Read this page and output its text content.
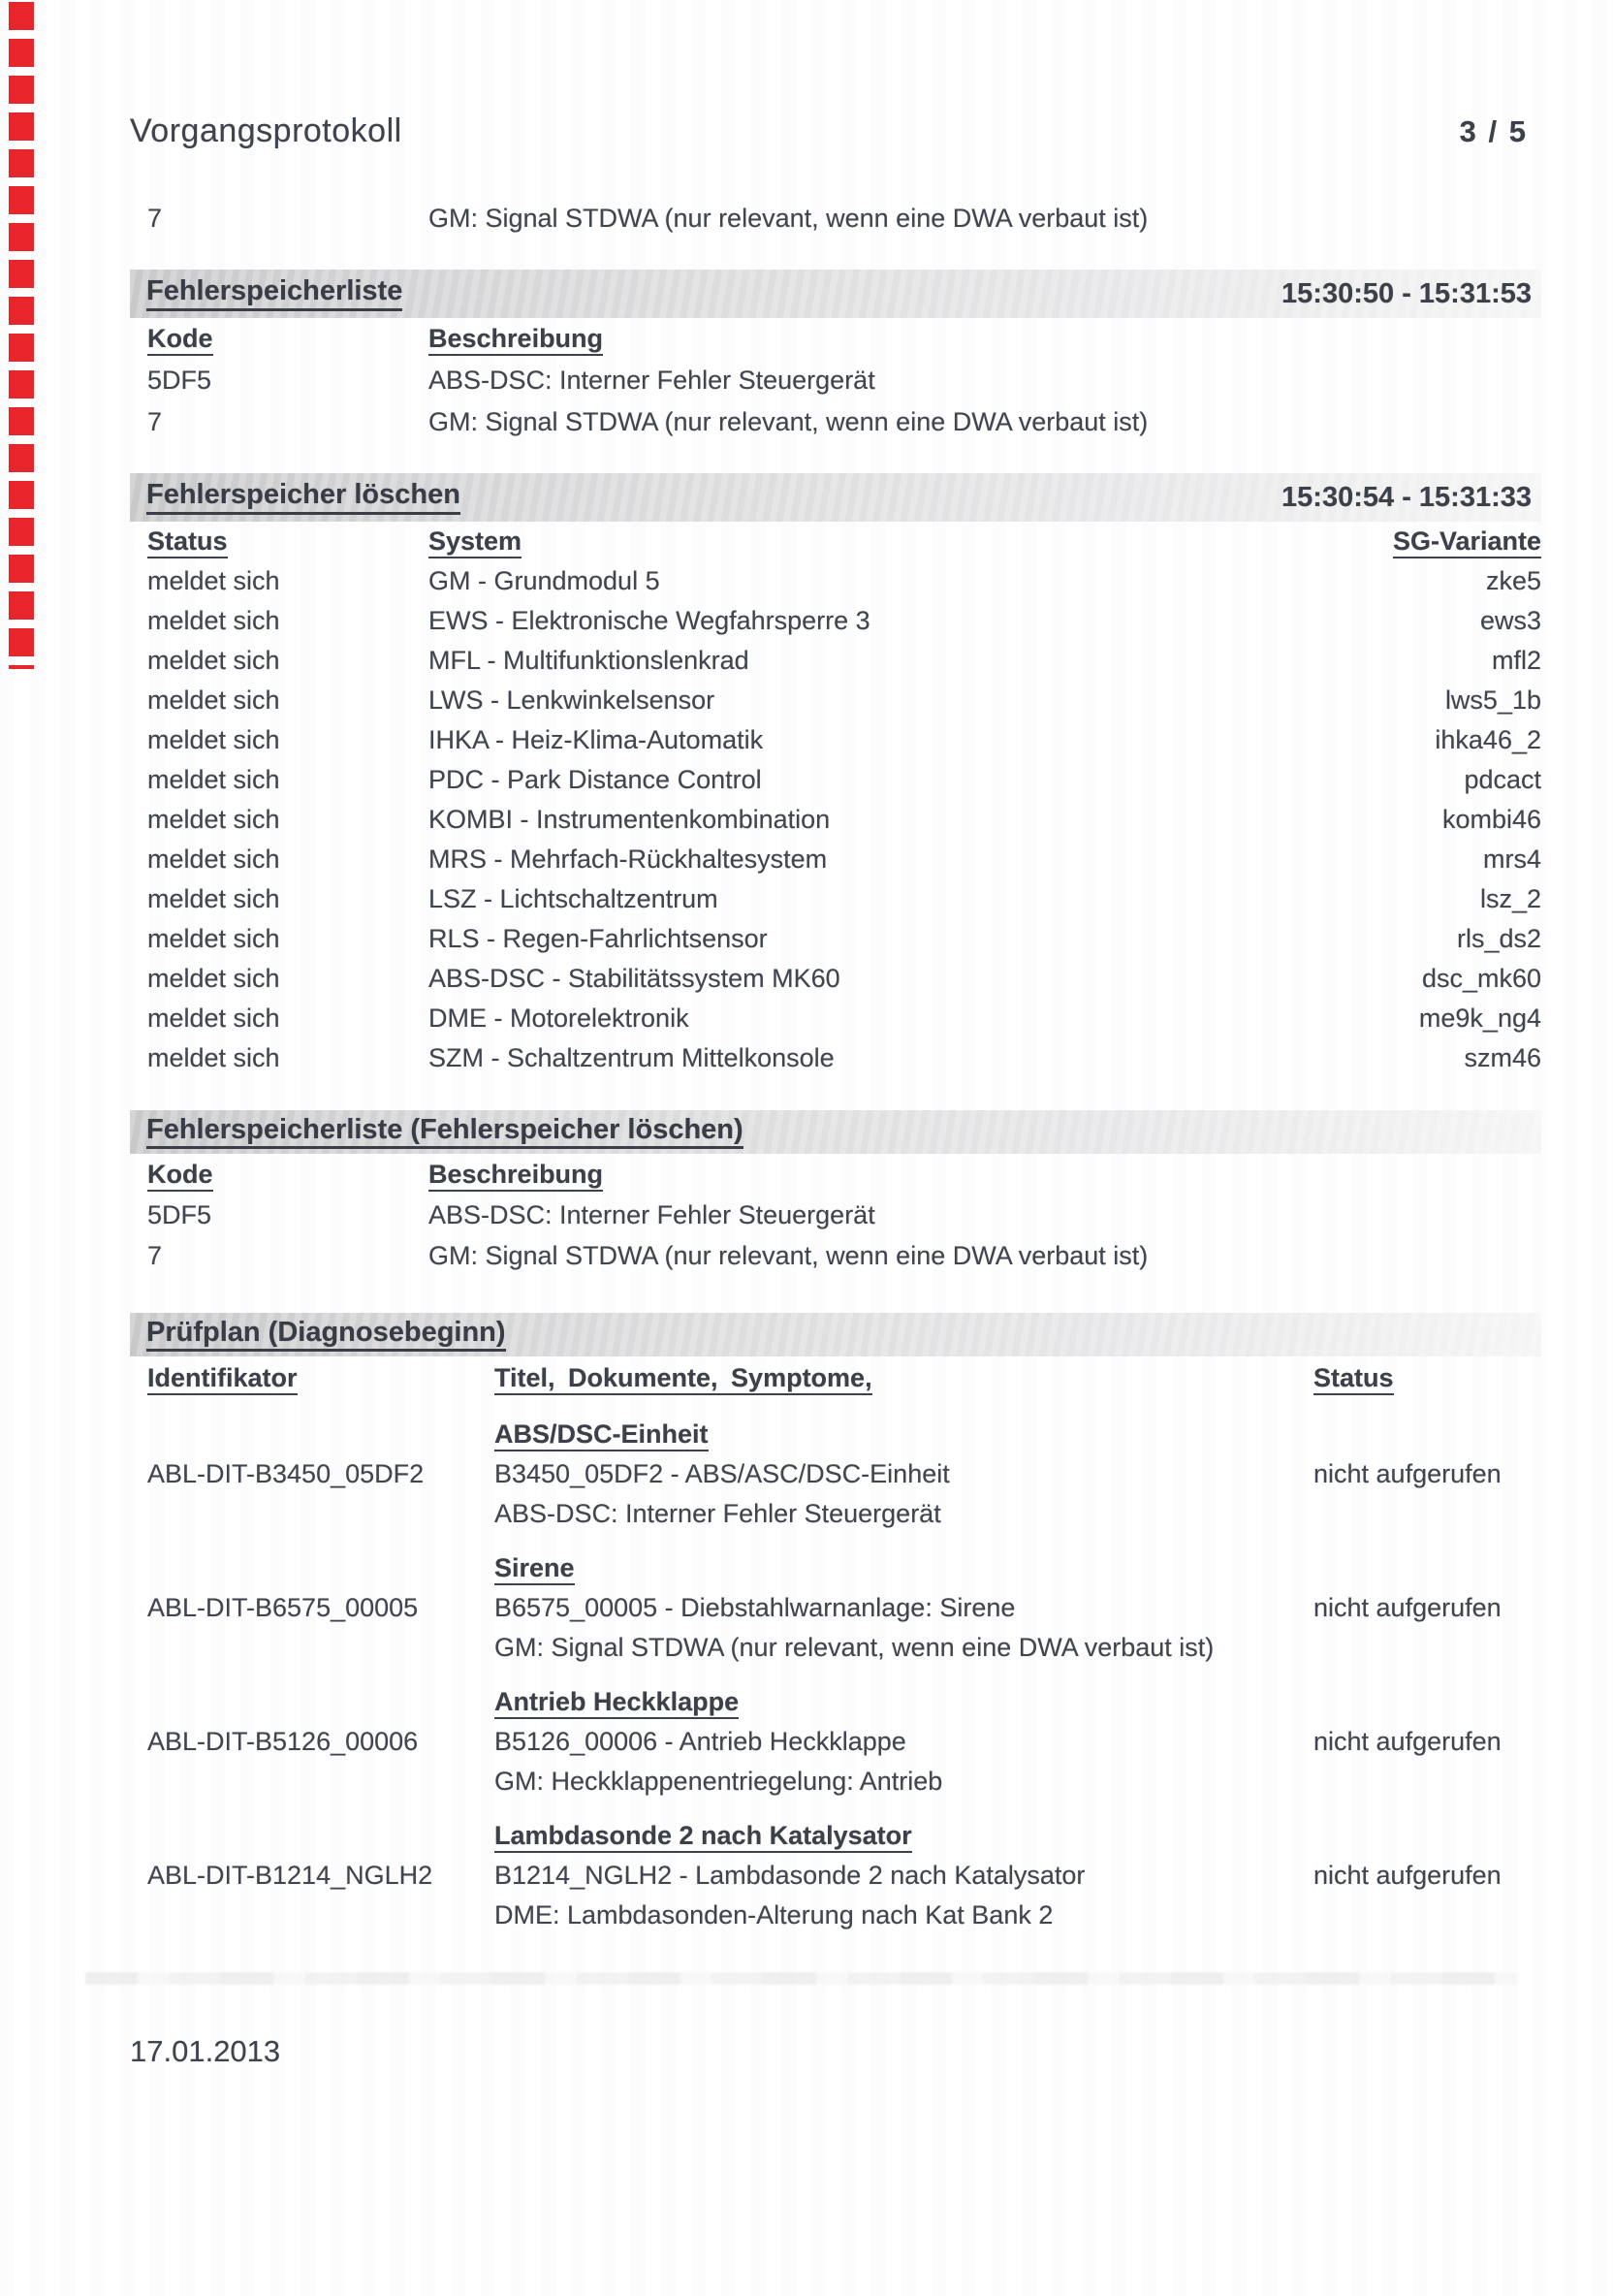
Vorgangsprotokoll	3 / 5
7	GM: Signal STDWA (nur relevant, wenn eine DWA verbaut ist)
Fehlerspeicherliste	15:30:50 - 15:31:53
Kode	Beschreibung
5DF5	ABS-DSC: Interner Fehler Steuergerät
7	GM: Signal STDWA (nur relevant, wenn eine DWA verbaut ist)
Fehlerspeicher löschen	15:30:54 - 15:31:33
Status	System	SG-Variante
meldet sich	GM - Grundmodul 5	zke5
meldet sich	EWS - Elektronische Wegfahrsperre 3	ews3
meldet sich	MFL - Multifunktionslenkrad	mfl2
meldet sich	LWS - Lenkwinkelsensor	lws5_1b
meldet sich	IHKA - Heiz-Klima-Automatik	ihka46_2
meldet sich	PDC - Park Distance Control	pdcact
meldet sich	KOMBI - Instrumentenkombination	kombi46
meldet sich	MRS - Mehrfach-Rückhaltesystem	mrs4
meldet sich	LSZ - Lichtschaltzentrum	lsz_2
meldet sich	RLS - Regen-Fahrlichtsensor	rls_ds2
meldet sich	ABS-DSC - Stabilitätssystem MK60	dsc_mk60
meldet sich	DME - Motorelektronik	me9k_ng4
meldet sich	SZM - Schaltzentrum Mittelkonsole	szm46
Fehlerspeicherliste (Fehlerspeicher löschen)
Kode	Beschreibung
5DF5	ABS-DSC: Interner Fehler Steuergerät
7	GM: Signal STDWA (nur relevant, wenn eine DWA verbaut ist)
Prüfplan (Diagnosebeginn)
Identifikator	Titel, Dokumente, Symptome,	Status
ABS/DSC-Einheit
ABL-DIT-B3450_05DF2	B3450_05DF2 - ABS/ASC/DSC-Einheit	nicht aufgerufen
ABS-DSC: Interner Fehler Steuergerät
Sirene
ABL-DIT-B6575_00005	B6575_00005 - Diebstahlwarnanlage: Sirene	nicht aufgerufen
GM: Signal STDWA (nur relevant, wenn eine DWA verbaut ist)
Antrieb Heckklappe
ABL-DIT-B5126_00006	B5126_00006 - Antrieb Heckklappe	nicht aufgerufen
GM: Heckklappenentriegelung: Antrieb
Lambdasonde 2 nach Katalysator
ABL-DIT-B1214_NGLH2	B1214_NGLH2 - Lambdasonde 2 nach Katalysator	nicht aufgerufen
DME: Lambdasonden-Alterung nach Kat Bank 2
17.01.2013
